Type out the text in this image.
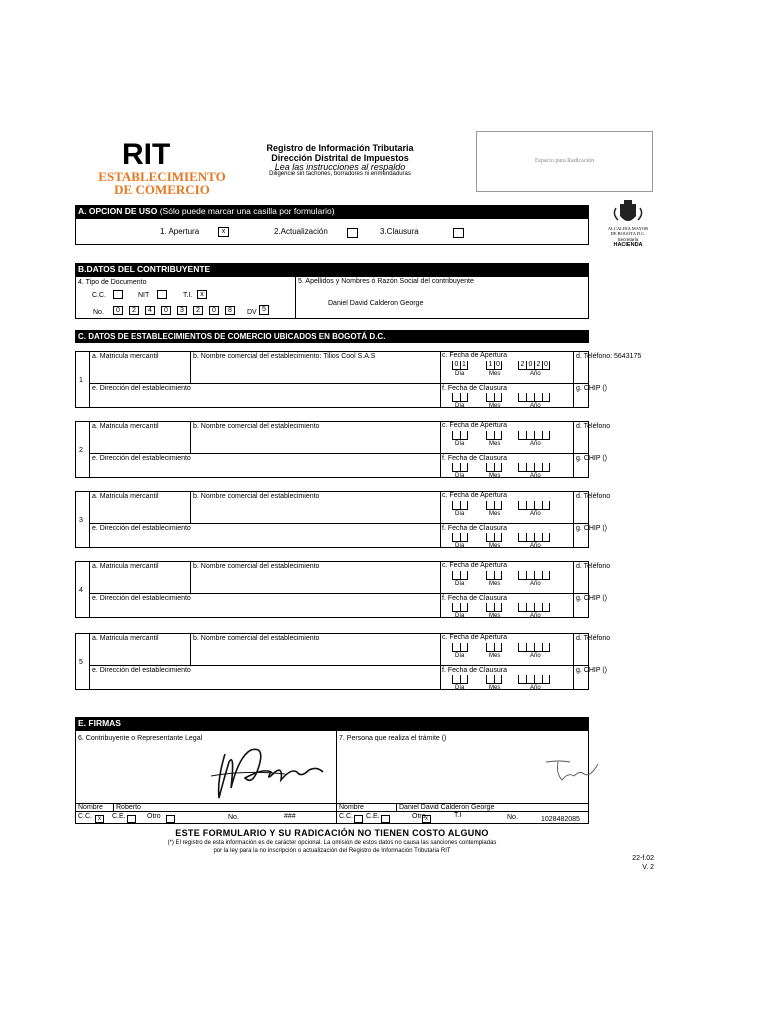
RIT
ESTABLECIMIENTO
DE COMERCIO
Registro de Información Tributaria
Dirección Distrital de Impuestos
Lea las instrucciones al respaldo
Diligencie sin tachones, borradores ni enmendaduras
Espacio para Radicación
ALCALDIA MAYOR
DE BOGOTA D.C.
Secretaría
HACIENDA
A. OPCION DE USO (Sólo puede marcar una casilla por formulario)
1. Apertura	x	2.Actualización	3.Clausura
B.DATOS DEL CONTRIBUYENTE
4. Tipo de Documento
C.C.	NIT	T.I.	x
No.	0	2	4	0	3	2	0	8	DV 5
5. Apellidos y Nombres ó Razón Social del contribuyente
Daniel David Calderon George
C. DATOS DE ESTABLECIMIENTOS DE COMERCIO UBICADOS EN BOGOTÁ D.C.
1
a. Matricula mercantil	b. Nombre comercial del establecimiento: Tilios Cool S.A.S	c. Fecha de Apertura	d. Teléfono: 5643175
e. Dirección del establecimiento	f. Fecha de Clausura	g. CHIP ()
0 1
Día
1 0
Mes
2 0 2 0
Año
Día	Mes	Año
2
a. Matricula mercantil	b. Nombre comercial del establecimiento	c. Fecha de Apertura	d. Teléfono
e. Dirección del establecimiento	f. Fecha de Clausura	g. CHIP ()
Día	Mes	Año
Día	Mes	Año
3
a. Matricula mercantil	b. Nombre comercial del establecimiento	c. Fecha de Apertura	d. Teléfono
e. Dirección del establecimiento	f. Fecha de Clausura	g. CHIP ()
Día	Mes	Año
Día	Mes	Año
4
a. Matricula mercantil	b. Nombre comercial del establecimiento	c. Fecha de Apertura	d. Teléfono
e. Dirección del establecimiento	f. Fecha de Clausura	g. CHIP ()
Día	Mes	Año
Día	Mes	Año
5
a. Matricula mercantil	b. Nombre comercial del establecimiento	c. Fecha de Apertura	d. Teléfono
e. Dirección del establecimiento	f. Fecha de Clausura	g. CHIP ()
Día	Mes	Año
Día	Mes	Año
E. FIRMAS
6. Contribuyente o Representante Legal	7. Persona que realiza el trámite ()
Nombre Roberto	Nombre	Daniel David Calderon George
C.C.	x	C.E.	Otro	No.	###	C.C. C.E.	Otro x	T.I	No.	1028482085
ESTE FORMULARIO Y SU RADICACIÓN NO TIENEN COSTO ALGUNO
(*) El registro de esta información es de carácter opcional. La omisión de estos datos no causa las sanciones contempladas
por la ley para la no inscripción o actualización del Registro de Información Tributaria RIT
22-f.02
V. 2
